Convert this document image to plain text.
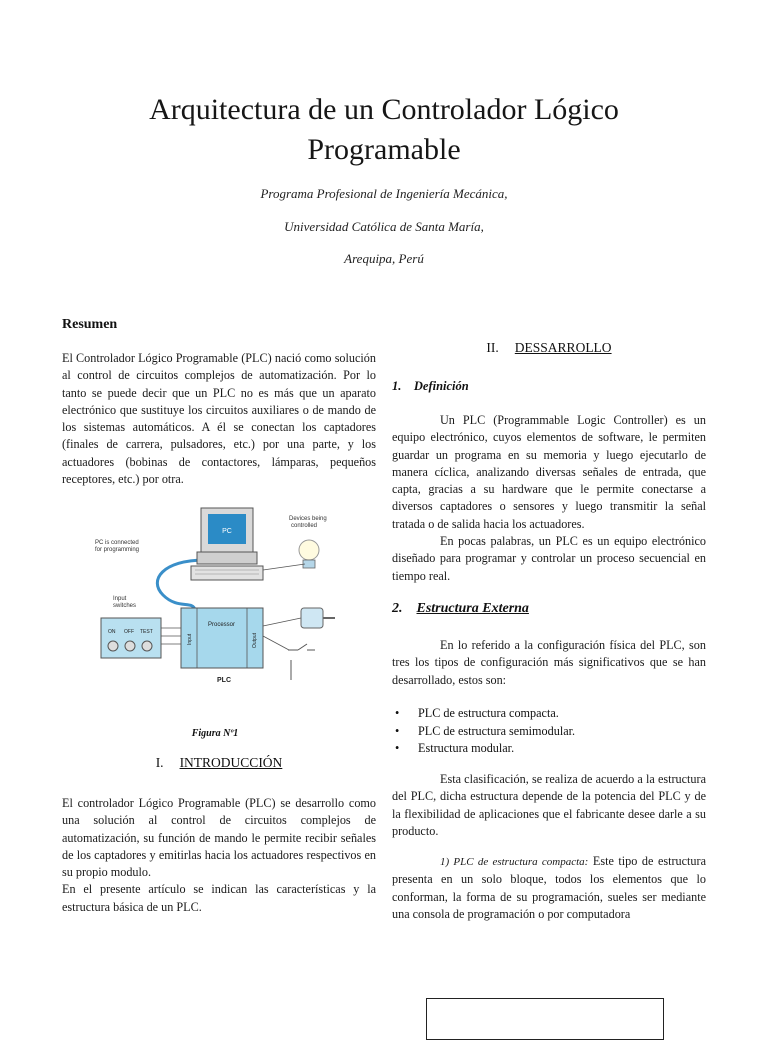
Arquitectura de un Controlador Lógico
Programable
Programa Profesional de Ingeniería Mecánica,
Universidad Católica de Santa María,
Arequipa, Perú
Resumen

El Controlador Lógico Programable (PLC) nació como solución al control de circuitos complejos de automatización. Por lo tanto se puede decir que un PLC no es más que un aparato electrónico que sustituye los circuitos auxiliares o de mando de los sistemas automáticos. A él se conectan los captadores (finales de carrera, pulsadores, etc.) por una parte, y los actuadores (bobinas de contactores, lámparas, pequeños receptores, etc.) por otra.

PC
PC is connected
for programming
Devices being
controlled
Input
switches
ON OFF TEST
Processor
Input	Output
PLC
Figura Nº1
I. INTRODUCCIÓN

El controlador Lógico Programable (PLC) se desarrollo como una solución al control de circuitos complejos de automatización, su función de mando le permite recibir señales de los captadores y emitirlas hacia los actuadores respectivos en su propio modulo.

En el presente artículo se indican las características y la estructura básica de un PLC.

II. DESSARROLLO
1. Definición

Un PLC (Programmable Logic Controller) es un equipo electrónico, cuyos elementos de software, le permiten guardar un programa en su memoria y luego ejecutarlo de manera cíclica, analizando diversas señales de entrada, que capta, gracias a su hardware que le permite conectarse a diversos captadores o sensores y luego transmitir la señal tratada o de salida hacia los actuadores.

En pocas palabras, un PLC es un equipo electrónico diseñado para programar y controlar un proceso secuencial en tiempo real.

2. Estructura Externa

En lo referido a la configuración física del PLC, son tres los tipos de configuración más significativos que se han desarrollado, estos son:

• PLC de estructura compacta.
• PLC de estructura semimodular.
• Estructura modular.

Esta clasificación, se realiza de acuerdo a la estructura del PLC, dicha estructura depende de la potencia del PLC y de la flexibilidad de aplicaciones que el fabricante desee darle a su producto.

1) PLC de estructura compacta: Este tipo de estructura presenta en un solo bloque, todos los elementos que lo conforman, la forma de su programación, sueles ser mediante una consola de programación o por computadora
